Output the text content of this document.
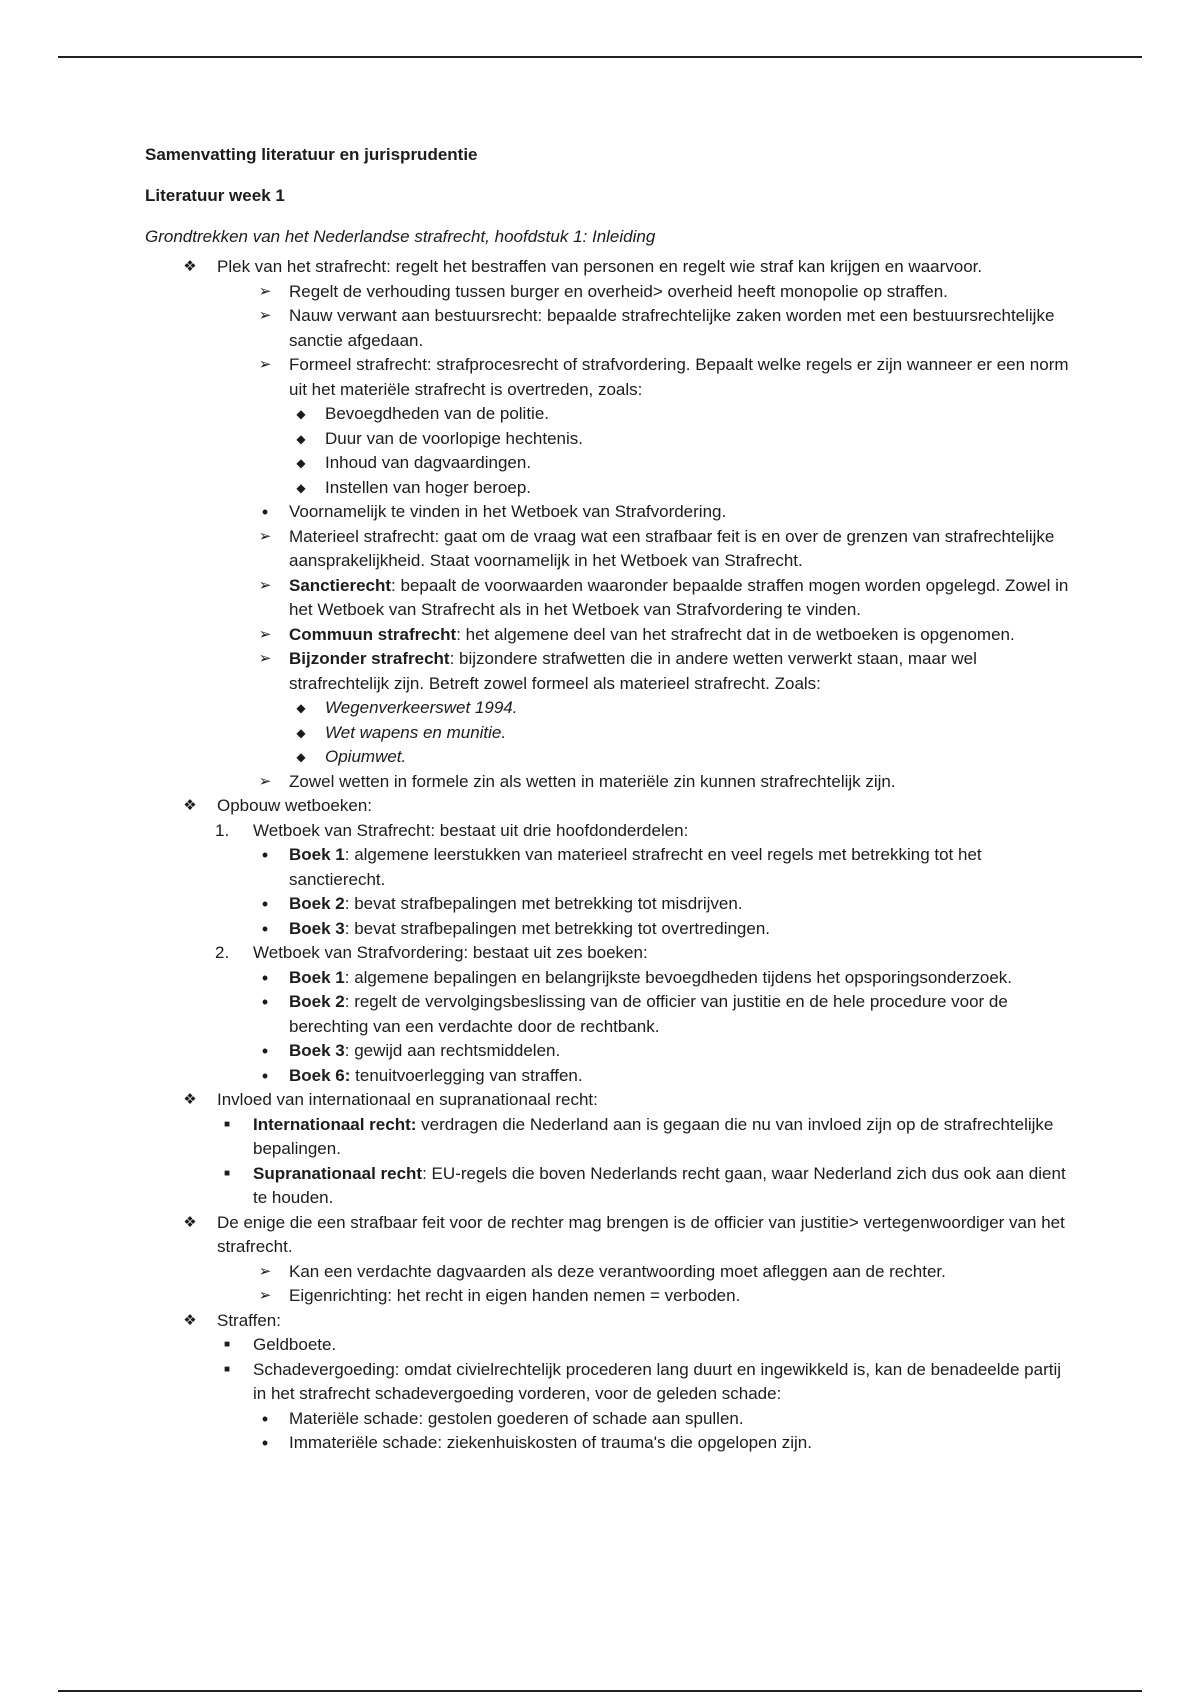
Samenvatting literatuur en jurisprudentie

Literatuur week 1

Grondtrekken van het Nederlandse strafrecht, hoofdstuk 1: Inleiding

❖ Plek van het strafrecht: regelt het bestraffen van personen en regelt wie straf kan krijgen en waarvoor.
➢ Regelt de verhouding tussen burger en overheid> overheid heeft monopolie op straffen.
➢ Nauw verwant aan bestuursrecht: bepaalde strafrechtelijke zaken worden met een bestuursrechtelijke sanctie afgedaan.
➢ Formeel strafrecht: strafprocesrecht of strafvordering. Bepaalt welke regels er zijn wanneer er een norm uit het materiële strafrecht is overtreden, zoals:
◆	Bevoegdheden van de politie.
◆	Duur van de voorlopige hechtenis.
◆	Inhoud van dagvaardingen.
◆	Instellen van hoger beroep.
•	Voornamelijk te vinden in het Wetboek van Strafvordering.
➢ Materieel strafrecht: gaat om de vraag wat een strafbaar feit is en over de grenzen van strafrechtelijke aansprakelijkheid. Staat voornamelijk in het Wetboek van Strafrecht.
➢ Sanctierecht: bepaalt de voorwaarden waaronder bepaalde straffen mogen worden opgelegd. Zowel in het Wetboek van Strafrecht als in het Wetboek van Strafvordering te vinden.
➢ Commuun strafrecht: het algemene deel van het strafrecht dat in de wetboeken is opgenomen.
➢ Bijzonder strafrecht: bijzondere strafwetten die in andere wetten verwerkt staan, maar wel strafrechtelijk zijn. Betreft zowel formeel als materieel strafrecht. Zoals:
◆	Wegenverkeerswet 1994.
◆	Wet wapens en munitie.
◆	Opiumwet.
➢ Zowel wetten in formele zin als wetten in materiële zin kunnen strafrechtelijk zijn.
❖ Opbouw wetboeken:
1.	Wetboek van Strafrecht: bestaat uit drie hoofdonderdelen:
•	Boek 1: algemene leerstukken van materieel strafrecht en veel regels met betrekking tot het sanctierecht.
•	Boek 2: bevat strafbepalingen met betrekking tot misdrijven.
•	Boek 3: bevat strafbepalingen met betrekking tot overtredingen.
2.	Wetboek van Strafvordering: bestaat uit zes boeken:
•	Boek 1: algemene bepalingen en belangrijkste bevoegdheden tijdens het opsporingsonderzoek.
•	Boek 2: regelt de vervolgingsbeslissing van de officier van justitie en de hele procedure voor de berechting van een verdachte door de rechtbank.
•	Boek 3: gewijd aan rechtsmiddelen.
•	Boek 6: tenuitvoerlegging van straffen.
❖ Invloed van internationaal en supranationaal recht:
■	Internationaal recht: verdragen die Nederland aan is gegaan die nu van invloed zijn op de strafrechtelijke bepalingen.
■	Supranationaal recht: EU-regels die boven Nederlands recht gaan, waar Nederland zich dus ook aan dient te houden.
❖ De enige die een strafbaar feit voor de rechter mag brengen is de officier van justitie> vertegenwoordiger van het strafrecht.
➢ Kan een verdachte dagvaarden als deze verantwoording moet afleggen aan de rechter.
➢ Eigenrichting: het recht in eigen handen nemen = verboden.
❖ Straffen:
■	Geldboete.
■	Schadevergoeding: omdat civielrechtelijk procederen lang duurt en ingewikkeld is, kan de benadeelde partij in het strafrecht schadevergoeding vorderen, voor de geleden schade:
•	Materiële schade: gestolen goederen of schade aan spullen.
•	Immateriële schade: ziekenhuiskosten of trauma's die opgelopen zijn.
